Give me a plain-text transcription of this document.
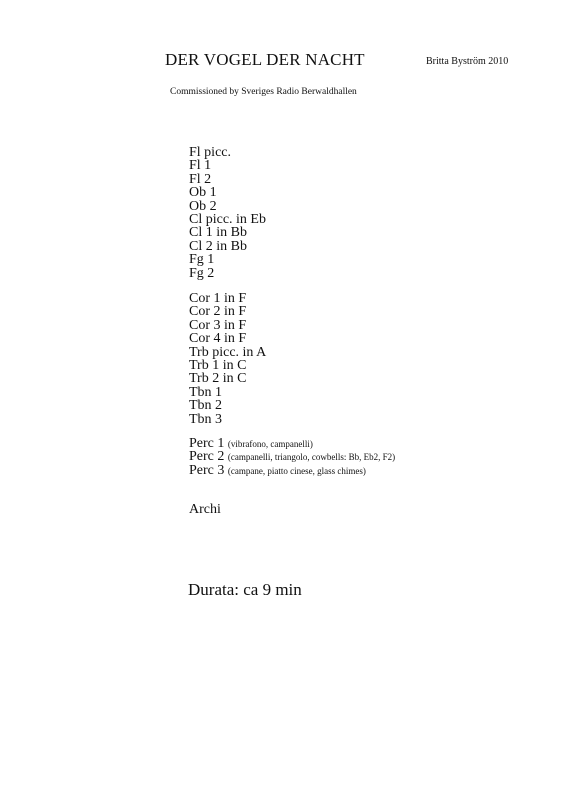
DER VOGEL DER NACHT	Britta Byström 2010
Commissioned by Sveriges Radio Berwaldhallen
Fl picc.
Fl 1
Fl 2
Ob 1
Ob 2
Cl picc. in Eb
Cl 1 in Bb
Cl 2 in Bb
Fg 1
Fg 2
Cor 1 in F
Cor 2 in F
Cor 3 in F
Cor 4 in F
Trb picc. in A
Trb 1 in C
Trb 2 in C
Tbn 1
Tbn 2
Tbn 3
Perc 1 (vibrafono, campanelli)
Perc 2 (campanelli, triangolo, cowbells: Bb, Eb2, F2)
Perc 3 (campane, piatto cinese, glass chimes)
Archi
Durata: ca 9 min
